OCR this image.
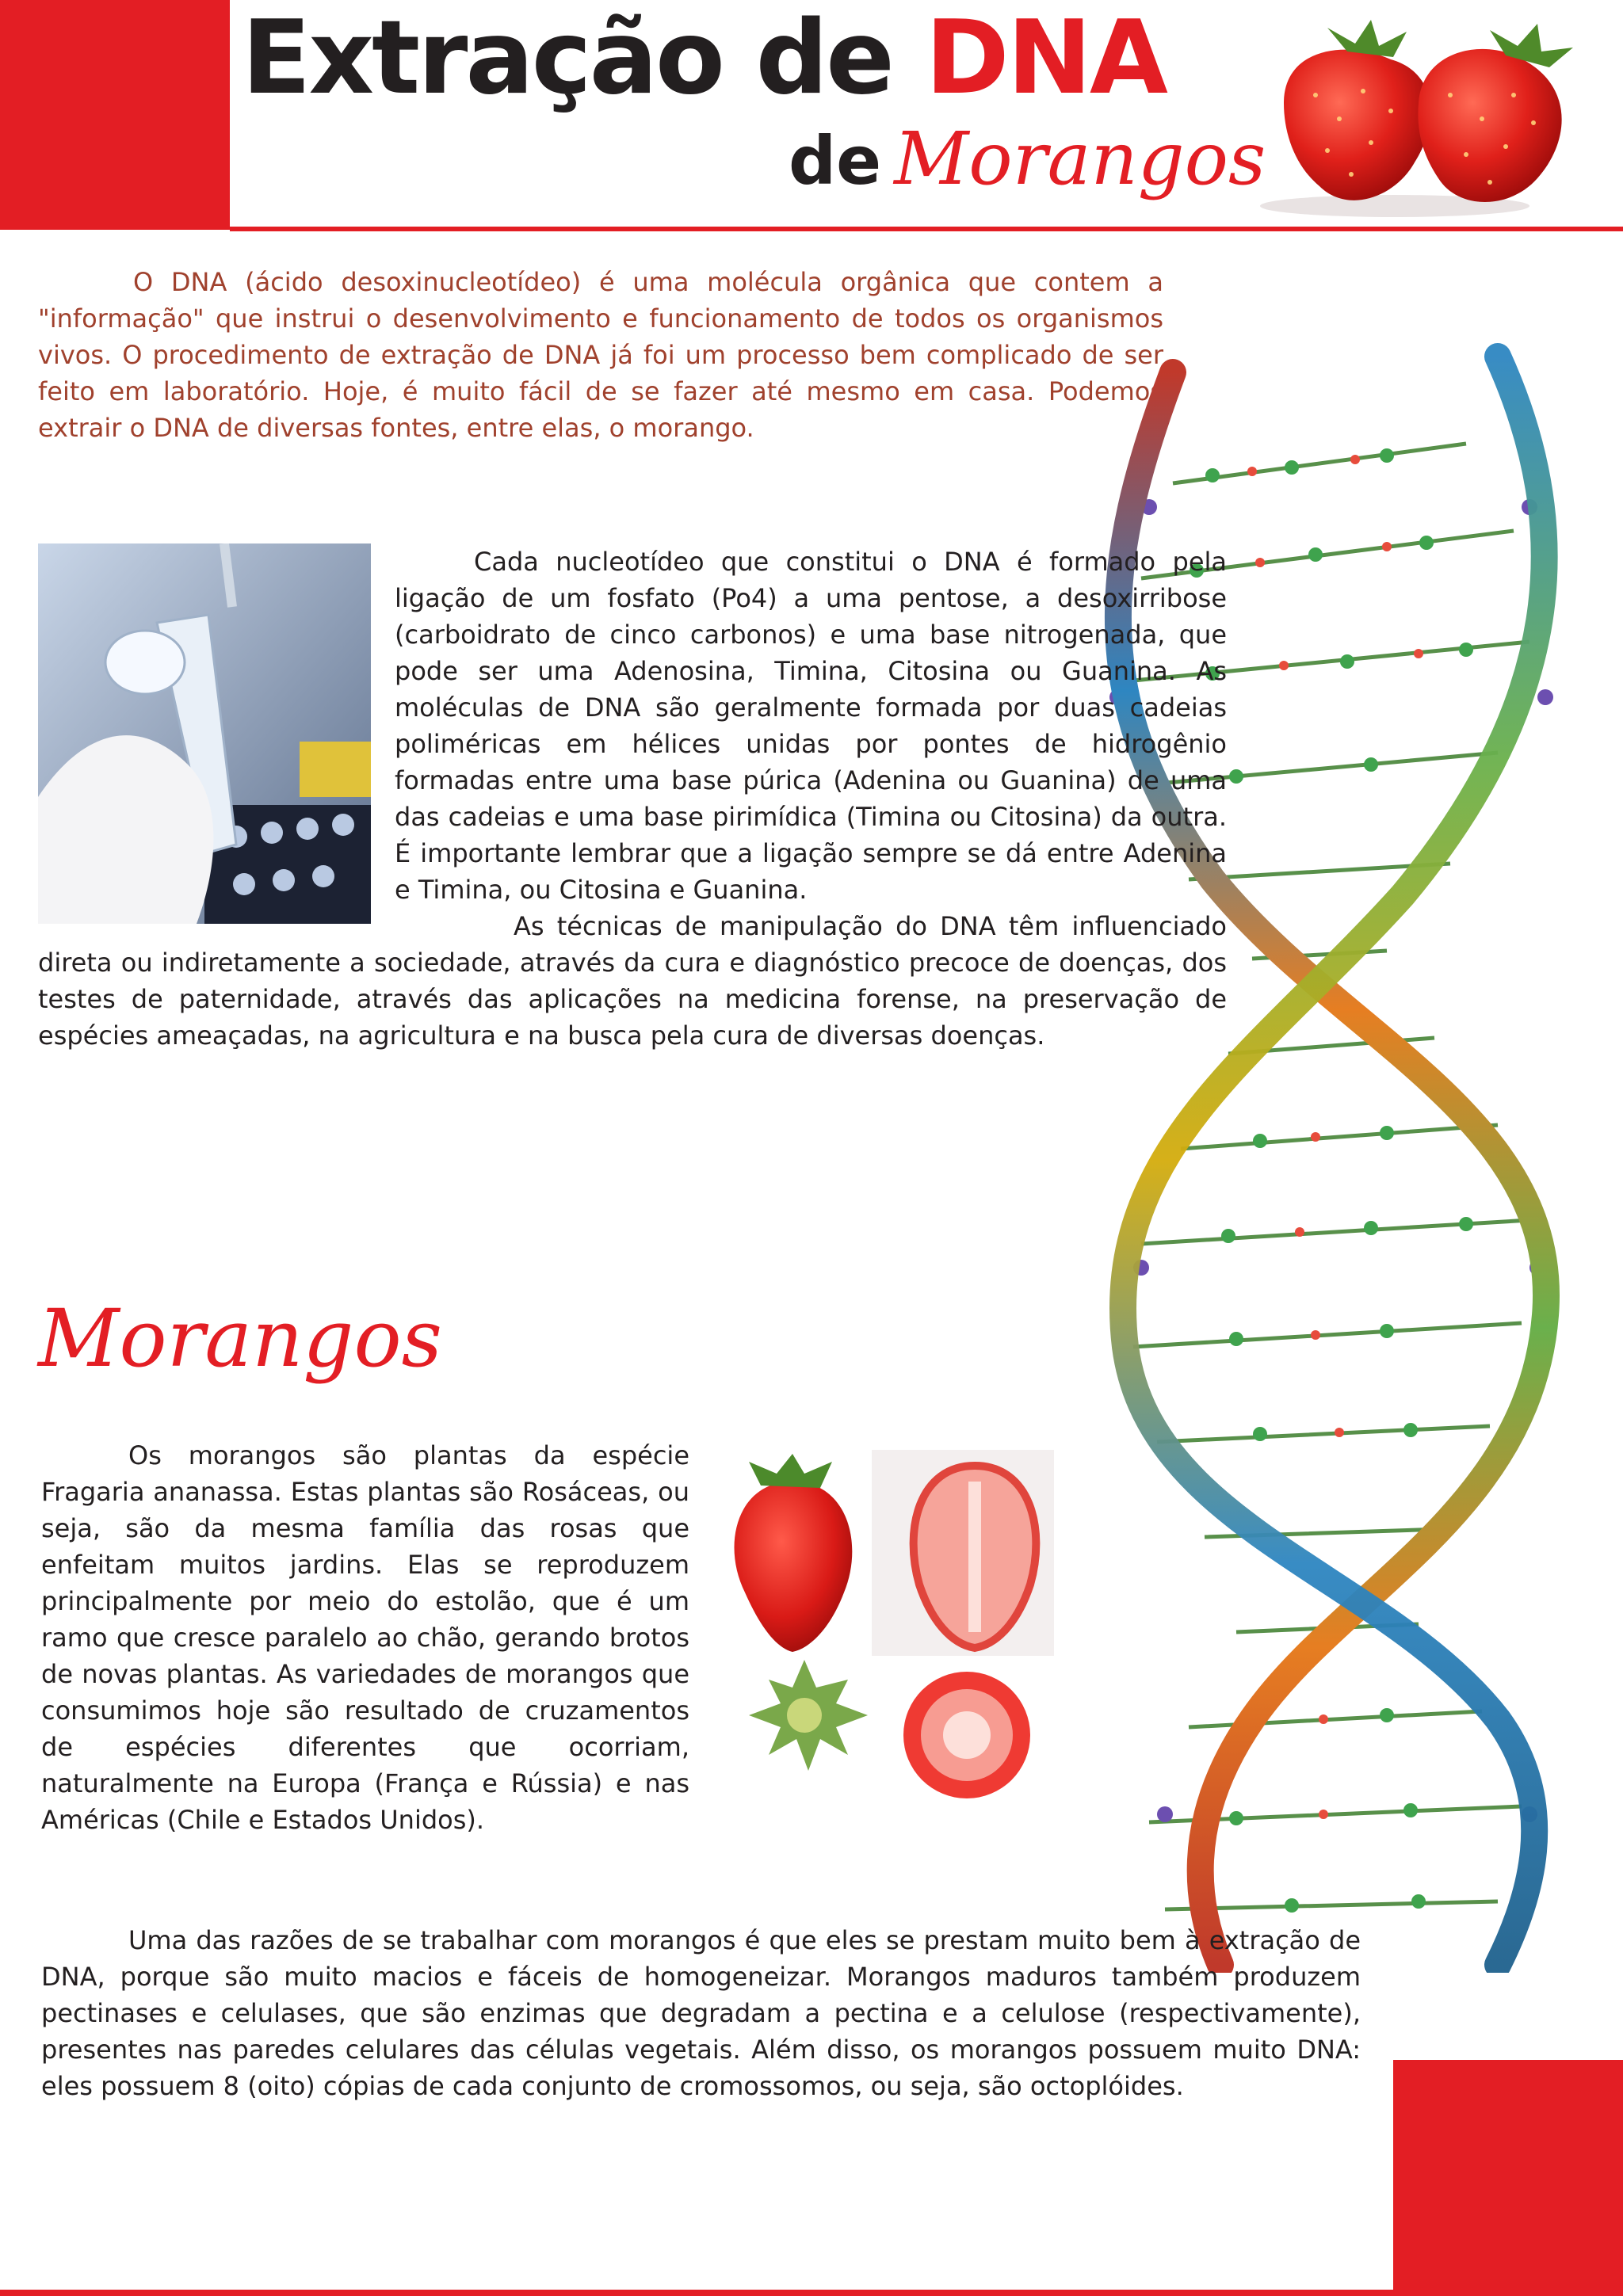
Extração de DNA
de Morangos

O DNA (ácido desoxinucleotídeo) é uma molécula orgânica que contem a "informação" que instrui o desenvolvimento e funcionamento de todos os organismos vivos. O procedimento de extração de DNA já foi um processo bem complicado de ser feito em laboratório. Hoje, é muito fácil de se fazer até mesmo em casa. Podemos extrair o DNA de diversas fontes, entre elas, o morango.

Cada nucleotídeo que constitui o DNA é formado pela ligação de um fosfato (Po4) a uma pentose, a desoxirribose (carboidrato de cinco carbonos) e uma base nitrogenada, que pode ser uma Adenosina, Timina, Citosina ou Guanina. As moléculas de DNA são geralmente formada por duas cadeias poliméricas em hélices unidas por pontes de hidrogênio formadas entre uma base púrica (Adenina ou Guanina) de uma das cadeias e uma base pirimídica (Timina ou Citosina) da outra. É importante lembrar que a ligação sempre se dá entre Adenina e Timina, ou Citosina e Guanina.
As técnicas de manipulação do DNA têm influenciado direta ou indiretamente a sociedade, através da cura e diagnóstico precoce de doenças, dos testes de paternidade, através das aplicações na medicina forense, na preservação de espécies ameaçadas, na agricultura e na busca pela cura de diversas doenças.
Morangos

Os morangos são plantas da espécie Fragaria ananassa. Estas plantas são Rosáceas, ou seja, são da mesma família das rosas que enfeitam muitos jardins. Elas se reproduzem principalmente por meio do estolão, que é um ramo que cresce paralelo ao chão, gerando brotos de novas plantas. As variedades de morangos que consumimos hoje são resultado de cruzamentos de espécies diferentes que ocorriam, naturalmente na Europa (França e Rússia) e nas Américas (Chile e Estados Unidos).

Uma das razões de se trabalhar com morangos é que eles se prestam muito bem à extração de DNA, porque são muito macios e fáceis de homogeneizar. Morangos maduros também produzem pectinases e celulases, que são enzimas que degradam a pectina e a celulose (respectivamente), presentes nas paredes celulares das células vegetais. Além disso, os morangos possuem muito DNA: eles possuem 8 (oito) cópias de cada conjunto de cromossomos, ou seja, são octoplóides.
